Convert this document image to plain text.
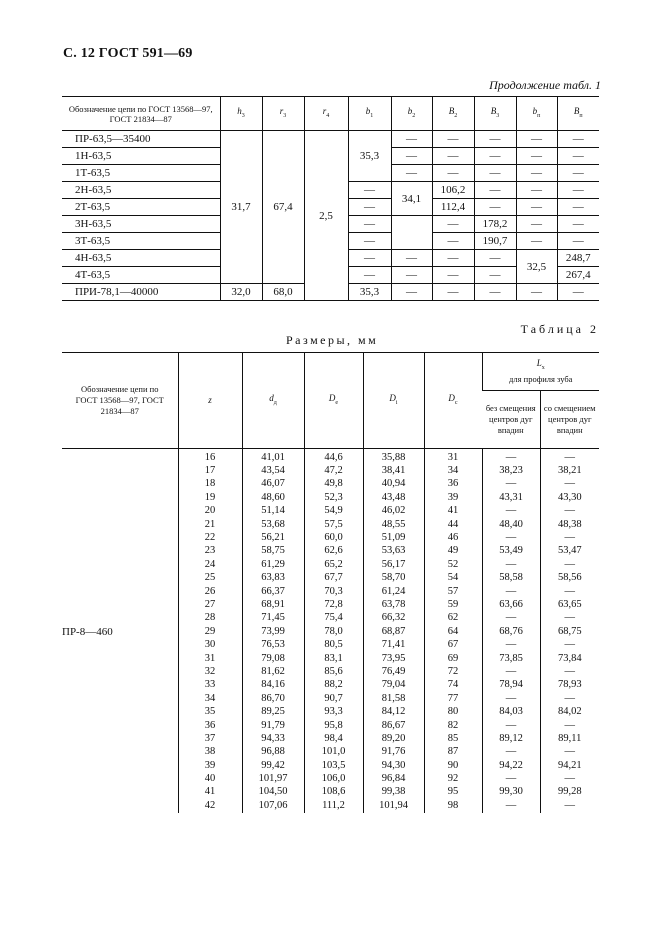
С. 12 ГОСТ 591—69
Продолжение табл. 1
Обозначение цепи по ГОСТ 13568—97, ГОСТ 21834—87	$h_3$	$r_3$	$r_4$	$b_1$	$b_2$	$B_2$	$B_3$	$b_п$	$B_п$
ПР-63,5—35400	31,7	67,4	2,5	35,3	—	—	—	—	—
1Н-63,5					—	—	—	—	—
1Т-63,5					—	—	—	—	—
2Н-63,5				—	34,1	106,2	—	—	—
2Т-63,5				—		112,4	—	—	—
3Н-63,5				—		—	178,2	—	—
3Т-63,5				—		—	190,7	—	—
4Н-63,5				—	—	—	—	32,5	248,7
4Т-63,5				—	—	—	—		267,4
ПРИ-78,1—40000	32,0	68,0		35,3	—	—	—	—	—
Таблица 2
Размеры, мм
Обозначение цепи по ГОСТ 13568—97, ГОСТ 21834—87	z	$d_д$	$D_e$	$D_i$	$D_c$	$L_x$
для профиля зуба	

						без смещения центров дуг впадин	со смещением центров дуг впадин
ПР-8—460	16	41,01	44,6	35,88	31	—	—
	17	43,54	47,2	38,41	34	38,23	38,21
	18	46,07	49,8	40,94	36	—	—
	19	48,60	52,3	43,48	39	43,31	43,30
	20	51,14	54,9	46,02	41	—	—
	21	53,68	57,5	48,55	44	48,40	48,38
	22	56,21	60,0	51,09	46	—	—
	23	58,75	62,6	53,63	49	53,49	53,47
	24	61,29	65,2	56,17	52	—	—
	25	63,83	67,7	58,70	54	58,58	58,56
	26	66,37	70,3	61,24	57	—	—
	27	68,91	72,8	63,78	59	63,66	63,65
	28	71,45	75,4	66,32	62	—	—
	29	73,99	78,0	68,87	64	68,76	68,75
	30	76,53	80,5	71,41	67	—	—
	31	79,08	83,1	73,95	69	73,85	73,84
	32	81,62	85,6	76,49	72	—	—
	33	84,16	88,2	79,04	74	78,94	78,93
	34	86,70	90,7	81,58	77	—	—
	35	89,25	93,3	84,12	80	84,03	84,02
	36	91,79	95,8	86,67	82	—	—
	37	94,33	98,4	89,20	85	89,12	89,11
	38	96,88	101,0	91,76	87	—	—
	39	99,42	103,5	94,30	90	94,22	94,21
	40	101,97	106,0	96,84	92	—	—
	41	104,50	108,6	99,38	95	99,30	99,28
	42	107,06	111,2	101,94	98	—	—
